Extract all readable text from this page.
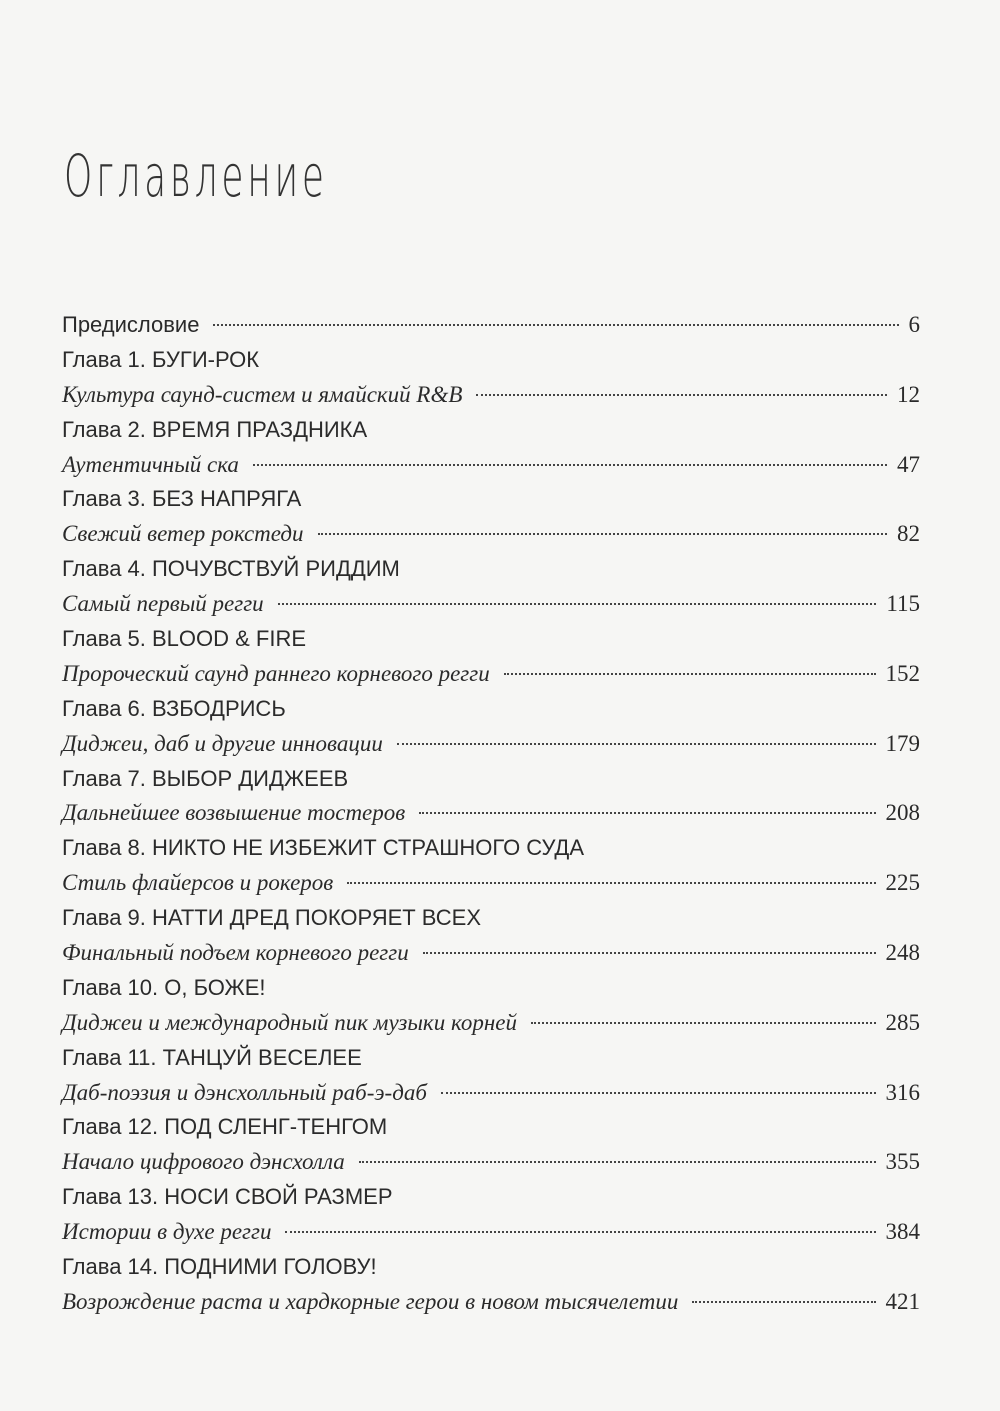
Оглавление
Предисловие	6
Глава 1. БУГИ-РОК
Культура саунд-систем и ямайский R&B	12
Глава 2. ВРЕМЯ ПРАЗДНИКА
Аутентичный ска	47
Глава 3. БЕЗ НАПРЯГА
Свежий ветер рокстеди	82
Глава 4. ПОЧУВСТВУЙ РИДДИМ
Самый первый регги	115
Глава 5. BLOOD & FIRE
Пророческий саунд раннего корневого регги	152
Глава 6. ВЗБОДРИСЬ
Диджеи, даб и другие инновации	179
Глава 7. ВЫБОР ДИДЖЕЕВ
Дальнейшее возвышение тостеров	208
Глава 8. НИКТО НЕ ИЗБЕЖИТ СТРАШНОГО СУДА
Стиль флайерсов и рокеров	225
Глава 9. НАТТИ ДРЕД ПОКОРЯЕТ ВСЕХ
Финальный подъем корневого регги	248
Глава 10. О, БОЖЕ!
Диджеи и международный пик музыки корней	285
Глава 11. ТАНЦУЙ ВЕСЕЛЕЕ
Даб-поэзия и дэнсхолльный раб-э-даб	316
Глава 12. ПОД СЛЕНГ-ТЕНГОМ
Начало цифрового дэнсхолла	355
Глава 13. НОСИ СВОЙ РАЗМЕР
Истории в духе регги	384
Глава 14. ПОДНИМИ ГОЛОВУ!
Возрождение раста и хардкорные герои в новом тысячелетии	421
